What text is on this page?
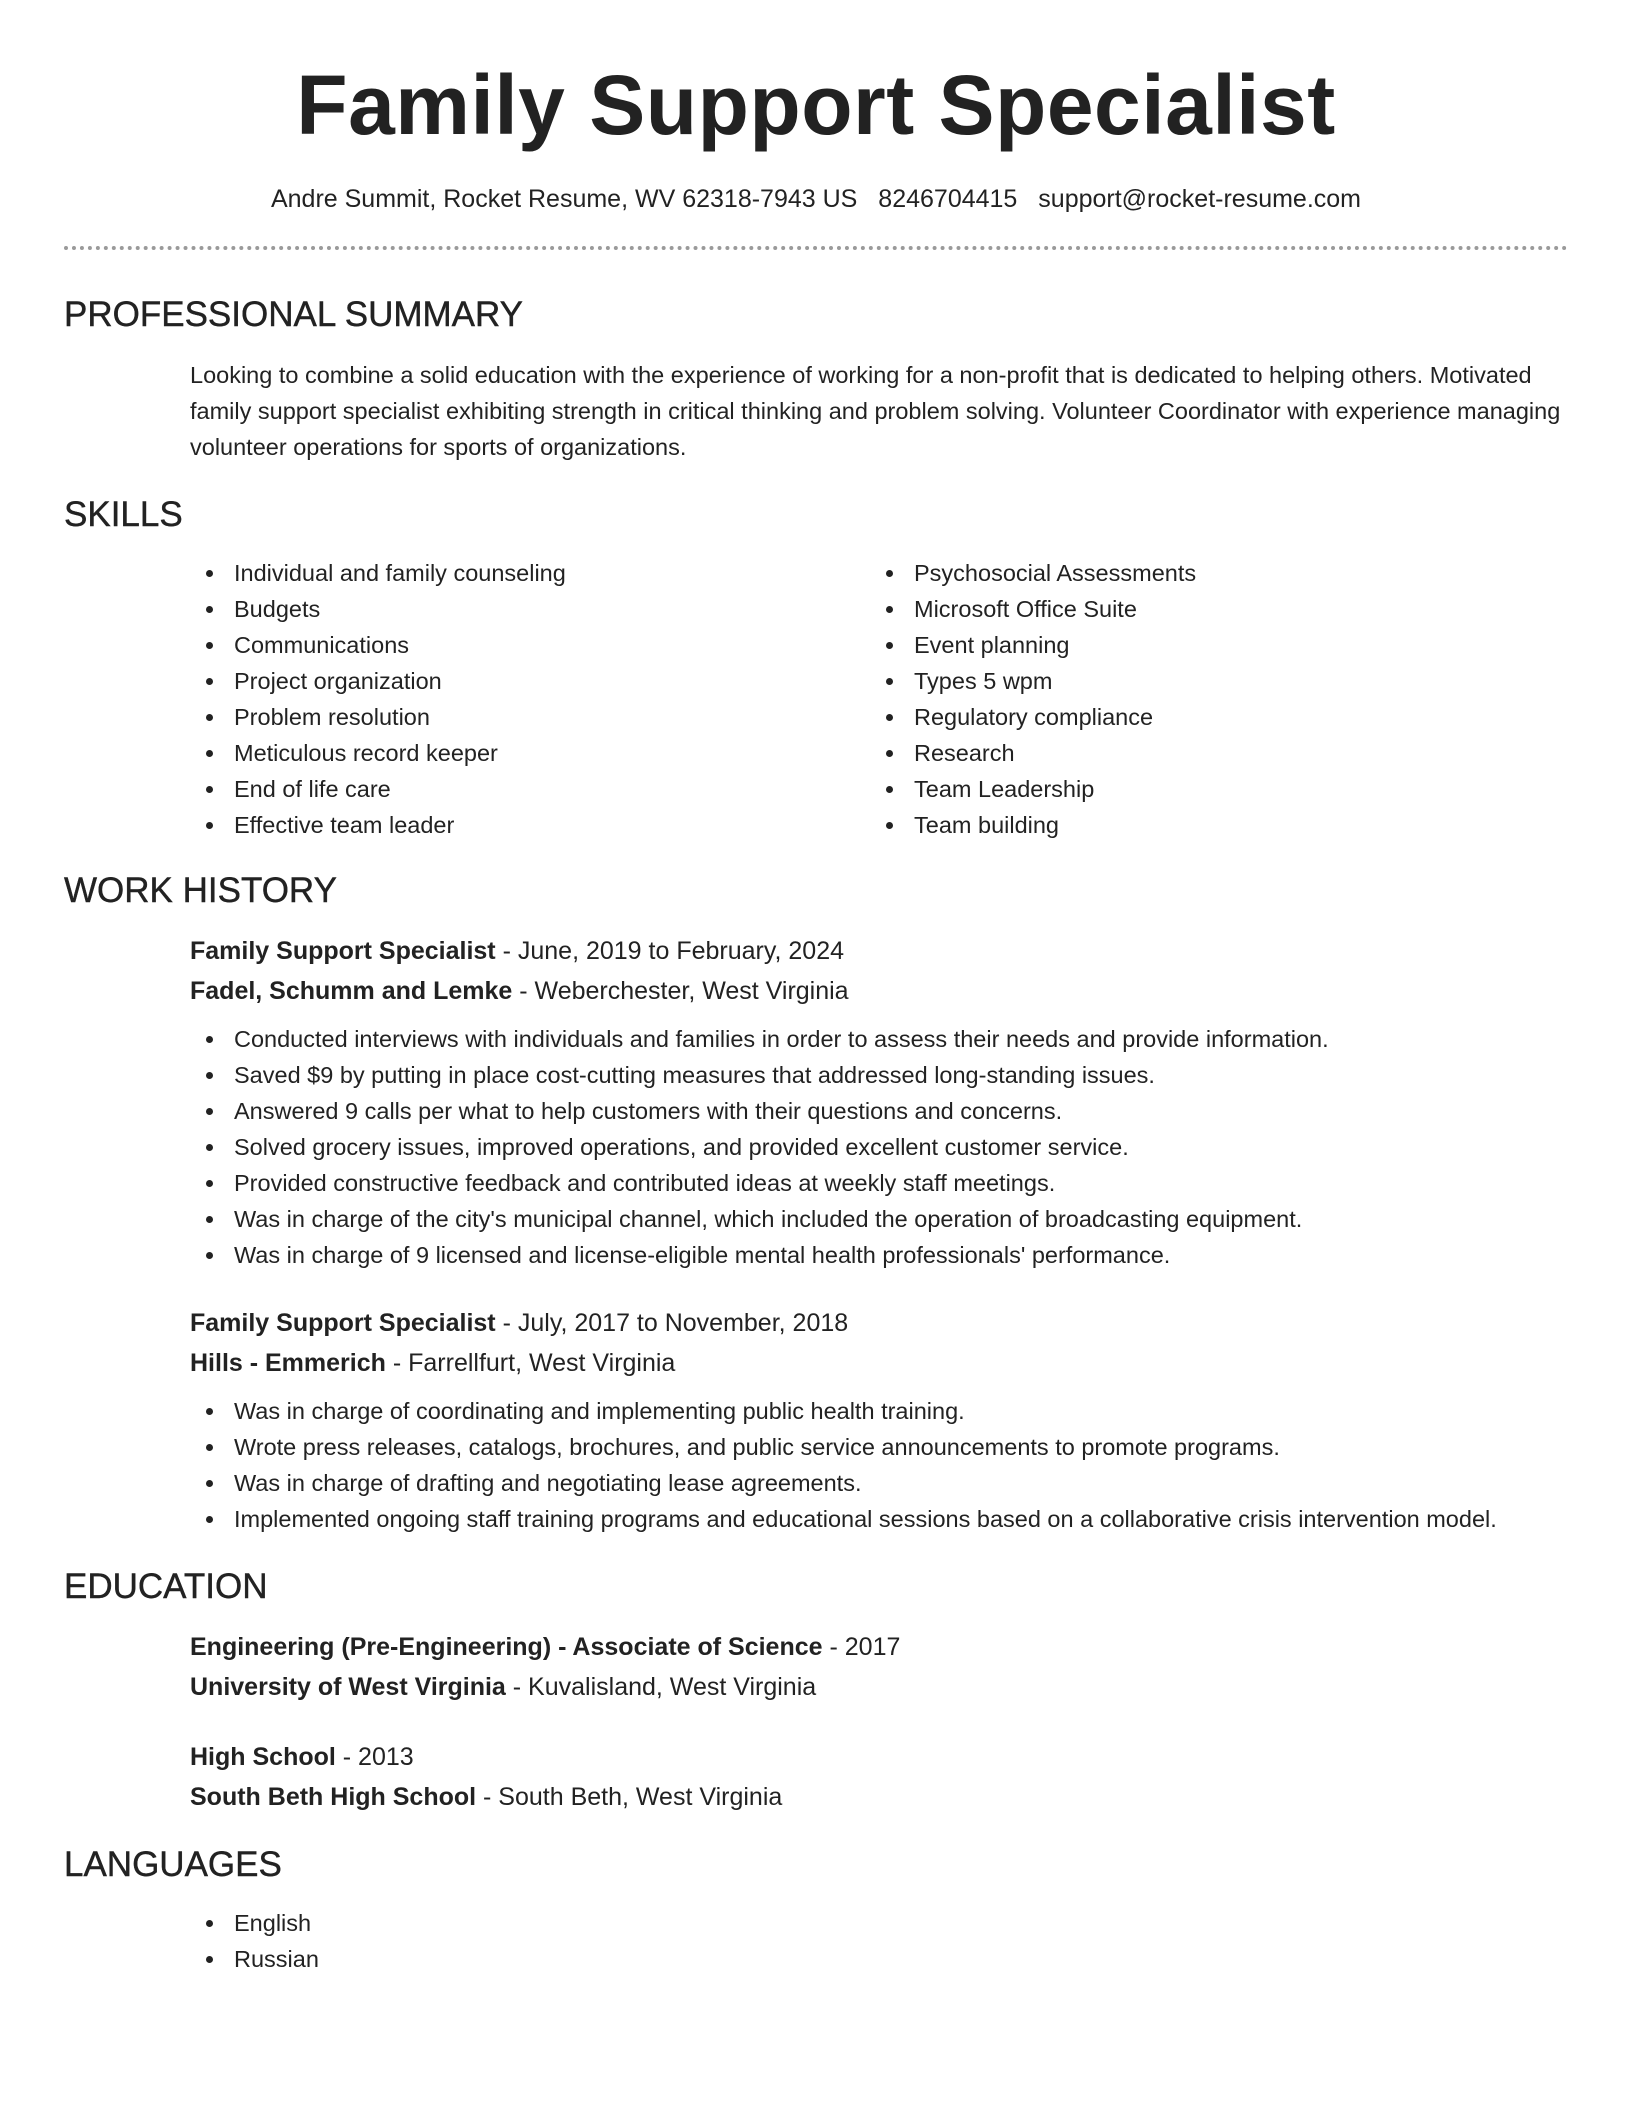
Family Support Specialist
Andre Summit, Rocket Resume, WV 62318-7943 US 8246704415 support@rocket-resume.com
PROFESSIONAL SUMMARY
Looking to combine a solid education with the experience of working for a non-profit that is dedicated to helping others. Motivated family support specialist exhibiting strength in critical thinking and problem solving. Volunteer Coordinator with experience managing volunteer operations for sports of organizations.
SKILLS
Individual and family counseling
Budgets
Communications
Project organization
Problem resolution
Meticulous record keeper
End of life care
Effective team leader
Psychosocial Assessments
Microsoft Office Suite
Event planning
Types 5 wpm
Regulatory compliance
Research
Team Leadership
Team building
WORK HISTORY
Family Support Specialist - June, 2019 to February, 2024
Fadel, Schumm and Lemke - Weberchester, West Virginia
Conducted interviews with individuals and families in order to assess their needs and provide information.
Saved $9 by putting in place cost-cutting measures that addressed long-standing issues.
Answered 9 calls per what to help customers with their questions and concerns.
Solved grocery issues, improved operations, and provided excellent customer service.
Provided constructive feedback and contributed ideas at weekly staff meetings.
Was in charge of the city's municipal channel, which included the operation of broadcasting equipment.
Was in charge of 9 licensed and license-eligible mental health professionals' performance.
Family Support Specialist - July, 2017 to November, 2018
Hills - Emmerich - Farrellfurt, West Virginia
Was in charge of coordinating and implementing public health training.
Wrote press releases, catalogs, brochures, and public service announcements to promote programs.
Was in charge of drafting and negotiating lease agreements.
Implemented ongoing staff training programs and educational sessions based on a collaborative crisis intervention model.
EDUCATION
Engineering (Pre-Engineering) - Associate of Science - 2017
University of West Virginia - Kuvalisland, West Virginia
High School - 2013
South Beth High School - South Beth, West Virginia
LANGUAGES
English
Russian
